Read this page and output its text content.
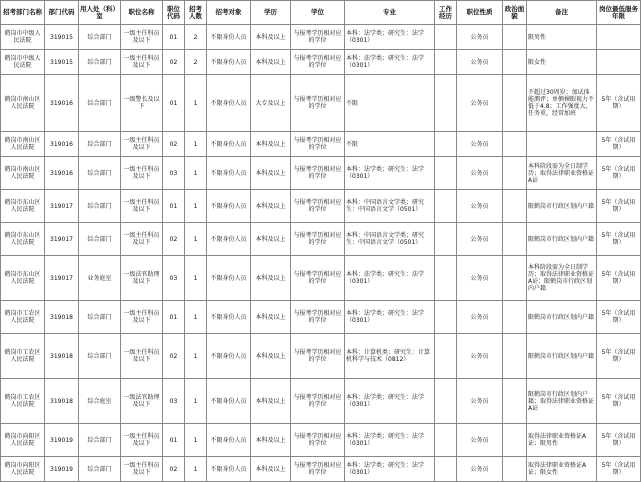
招考部门名称	部门代码	用人处（科）室	职位名称	职位代码	招考人数	招考对象	学历	学位	专业	工作经历	职位性质	政治面貌	备注	岗位最低服务年限
鹤岗市中级人民法院	319015	综合部门	一级主任科员及以下	01	2	不限身份人员	本科及以上	与报考学历相对应的学位	本科：法学类；研究生：法学（0301）		公务员		限男性	
鹤岗市中级人民法院	319015	综合部门	一级主任科员及以下	02	2	不限身份人员	本科及以上	与报考学历相对应的学位	本科：法学类；研究生：法学（0301）		公务员		限女性	
鹤岗市南山区人民法院	319016	综合部门	一级警长及以下	01	1	不限身份人员	大专及以上	与报考学历相对应的学位	不限		公务员		不超过30周岁；加试体能测评；单侧裸眼视力不低于4.8；工作强度大、任务重，经常加班	5年（含试用期）
鹤岗市南山区人民法院	319016	综合部门	一级主任科员及以下	02	1	不限身份人员	本科及以上	与报考学历相对应的学位	不限		公务员			5年（含试用期）
鹤岗市南山区人民法院	319016	综合部门	一级主任科员及以下	03	1	不限身份人员	本科及以上	与报考学历相对应的学位	本科：法学类；研究生：法学（0301）		公务员		本科阶段需为全日制学历；取得法律职业资格证A证	5年（含试用期）
鹤岗市东山区人民法院	319017	综合部门	一级主任科员及以下	01	1	不限身份人员	本科及以上	与报考学历相对应的学位	本科：中国语言文学类；研究生：中国语言文学（0501）		公务员		限鹤岗市行政区划内户籍	5年（含试用期）
鹤岗市东山区人民法院	319017	综合部门	一级主任科员及以下	02	1	不限身份人员	本科及以上	与报考学历相对应的学位	本科：中国语言文学类；研究生：中国语言文学（0501）		公务员		限鹤岗市行政区划内户籍	5年（含试用期）
鹤岗市东山区人民法院	319017	业务庭室	一级法官助理及以下	03	1	不限身份人员	本科及以上	与报考学历相对应的学位	本科：法学类；研究生：法学（0301）		公务员		本科阶段需为全日制学历；取得法律职业资格证A证；限鹤岗市行政区划内户籍	5年（含试用期）
鹤岗市工农区人民法院	319018	综合部门	一级主任科员及以下	01	1	不限身份人员	本科及以上	与报考学历相对应的学位	本科：法学类；研究生：法学（0301）		公务员		限鹤岗市行政区划内户籍	5年（含试用期）
鹤岗市工农区人民法院	319018	综合部门	一级主任科员及以下	02	1	不限身份人员	本科及以上	与报考学历相对应的学位	本科：计算机类；研究生：计算机科学与技术（0812）		公务员		限鹤岗市行政区划内户籍	5年（含试用期）
鹤岗市工农区人民法院	319018	综合庭室	一级法官助理及以下	03	1	不限身份人员	本科及以上	与报考学历相对应的学位	本科：法学类；研究生：法学（0301）		公务员		限鹤岗市行政区划内户籍；取得法律职业资格证A证	5年（含试用期）
鹤岗市向阳区人民法院	319019	综合部门	一级主任科员及以下	01	1	不限身份人员	本科及以上	与报考学历相对应的学位	本科：法学类；研究生：法学（0301）		公务员		取得法律职业资格证A证；限男性	5年（含试用期）
鹤岗市向阳区人民法院	319019	综合部门	一级主任科员及以下	02	1	不限身份人员	本科及以上	与报考学历相对应的学位	本科：法学类；研究生：法学（0301）		公务员		取得法律职业资格证A证；限女性	5年（含试用期）
